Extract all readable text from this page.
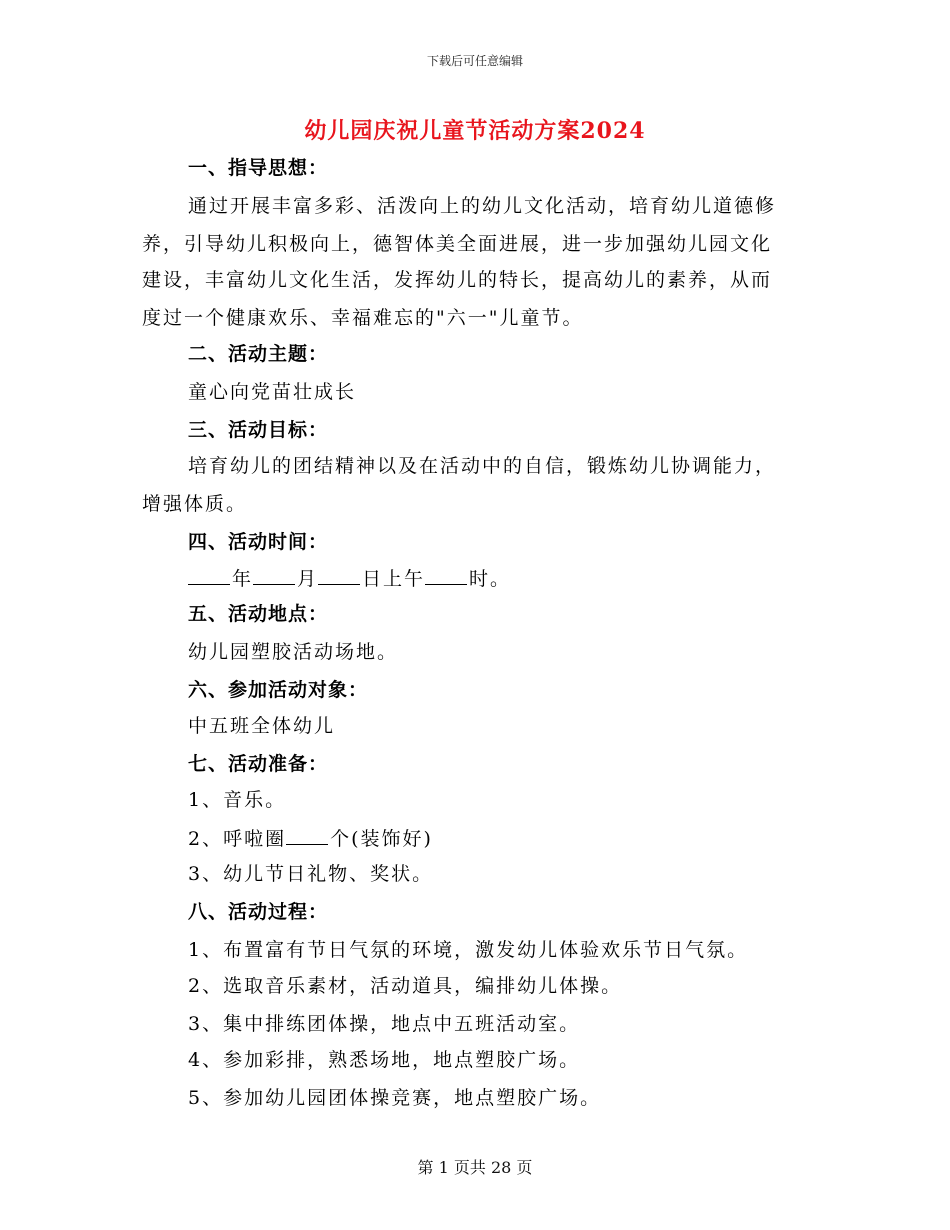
下载后可任意编辑
幼儿园庆祝儿童节活动方案2024
一、指导思想：
通过开展丰富多彩、活泼向上的幼儿文化活动，培育幼儿道德修
养，引导幼儿积极向上，德智体美全面进展，进一步加强幼儿园文化
建设，丰富幼儿文化生活，发挥幼儿的特长，提高幼儿的素养，从而
度过一个健康欢乐、幸福难忘的"六一"儿童节。
二、活动主题：
童心向党苗壮成长
三、活动目标：
培育幼儿的团结精神以及在活动中的自信，锻炼幼儿协调能力，
增强体质。
四、活动时间：
年 月 日上午 时。
五、活动地点：
幼儿园塑胶活动场地。
六、参加活动对象：
中五班全体幼儿
七、活动准备：
1、音乐。
2、呼啦圈 个(装饰好)
3、幼儿节日礼物、奖状。
八、活动过程：
1、布置富有节日气氛的环境，激发幼儿体验欢乐节日气氛。
2、选取音乐素材，活动道具，编排幼儿体操。
3、集中排练团体操，地点中五班活动室。
4、参加彩排，熟悉场地，地点塑胶广场。
5、参加幼儿园团体操竞赛，地点塑胶广场。
第 1 页共 28 页
